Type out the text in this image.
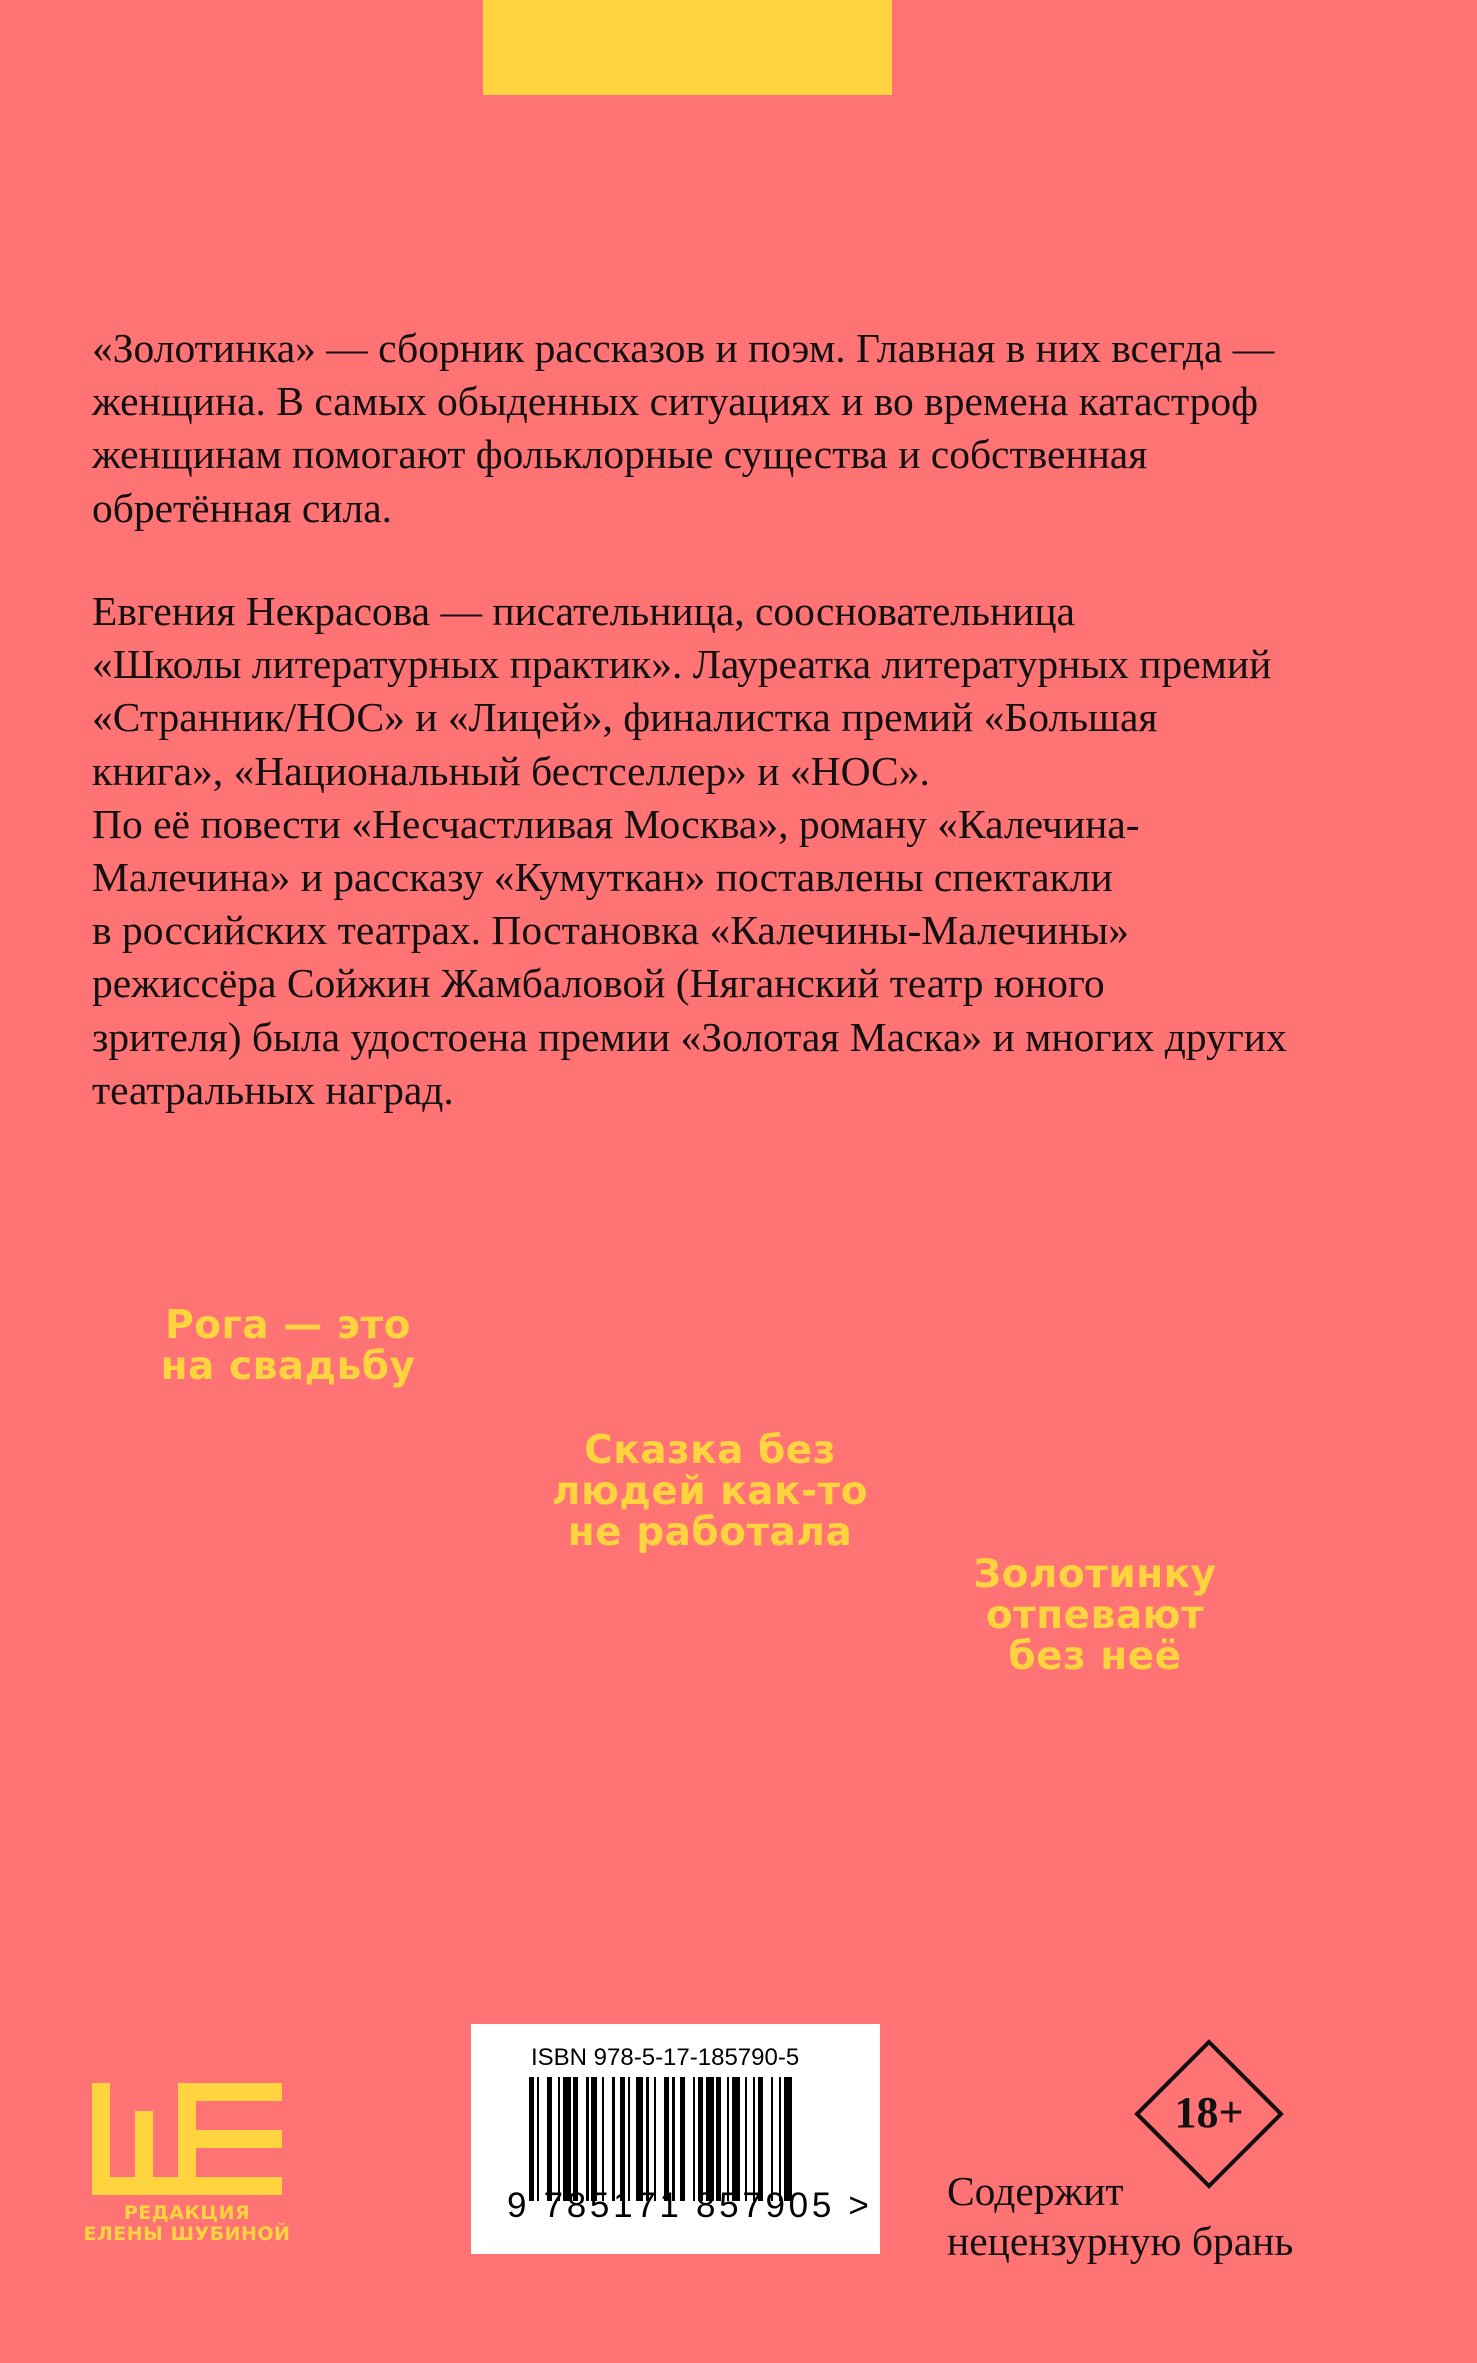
«Золотинка» — сборник рассказов и поэм. Главная в них всегда —

женщина. В самых обыденных ситуациях и во времена катастроф

женщинам помогают фольклорные существа и собственная

обретённая сила.

Евгения Некрасова — писательница, соосновательница

«Школы литературных практик». Лауреатка литературных премий

«Странник/НОС» и «Лицей», финалистка премий «Большая

книга», «Национальный бестселлер» и «НОС».

По её повести «Несчастливая Москва», роману «Калечина-

Малечина» и рассказу «Кумуткан» поставлены спектакли

в российских театрах. Постановка «Калечины-Малечины»

режиссёра Сойжин Жамбаловой (Няганский театр юного

зрителя) была удостоена премии «Золотая Маска» и многих других

театральных наград.

Рога — это
на свадьбу
Сказка без
людей как-то
не работала
Золотинку
отпевают
без неё
РЕДАКЦИЯ
ЕЛЕНЫ ШУБИНОЙ
ISBN 978-5-17-185790-5
9 785171 857905 >
18+
Содержит
нецензурную брань
